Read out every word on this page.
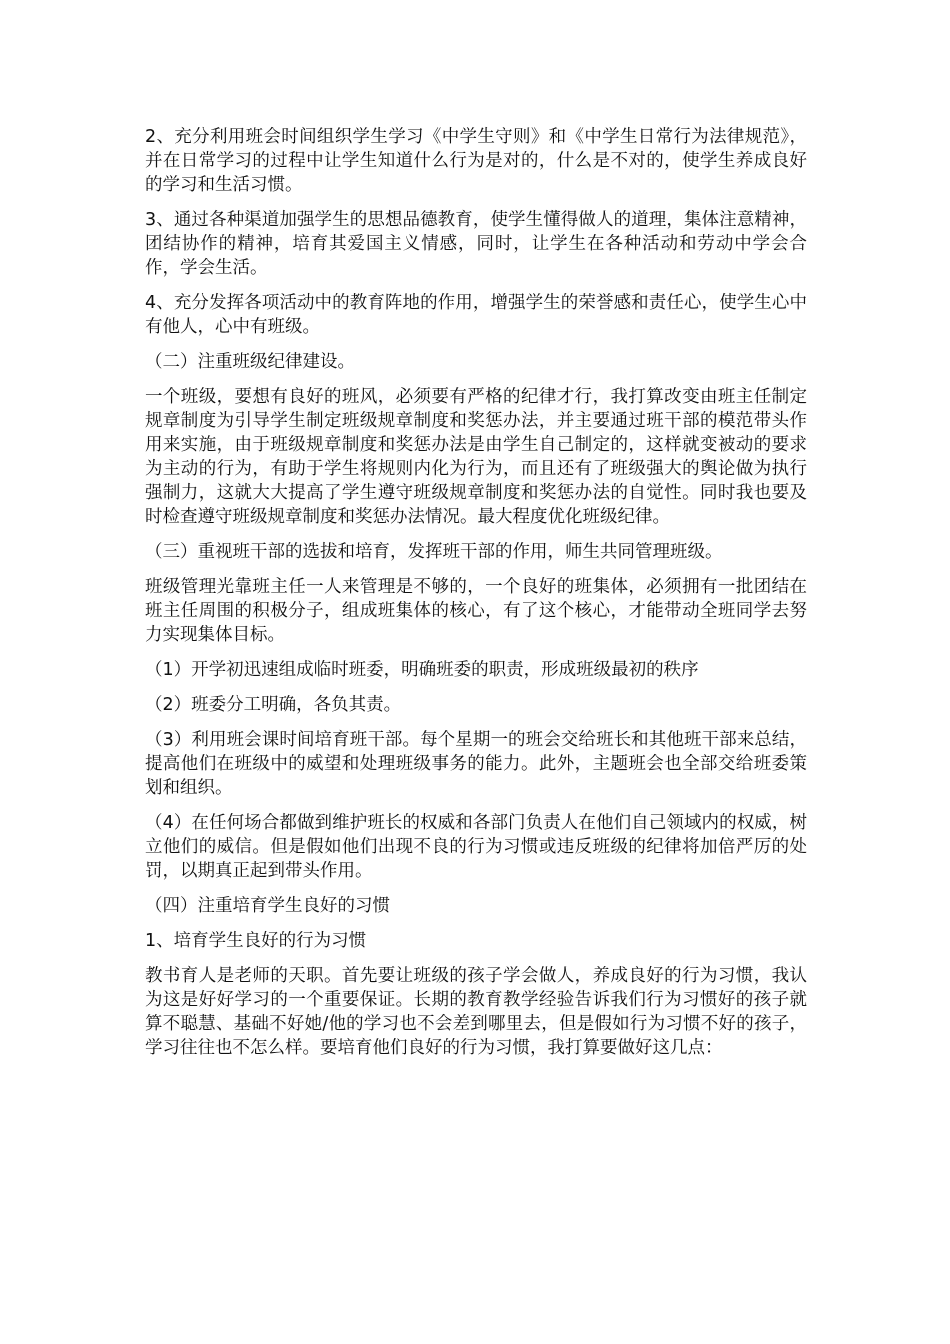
2、充分利用班会时间组织学生学习《中学生守则》和《中学生日常行为法律规范》，并在日常学习的过程中让学生知道什么行为是对的，什么是不对的，使学生养成良好的学习和生活习惯。

3、通过各种渠道加强学生的思想品德教育，使学生懂得做人的道理，集体注意精神，团结协作的精神，培育其爱国主义情感，同时，让学生在各种活动和劳动中学会合作，学会生活。

4、充分发挥各项活动中的教育阵地的作用，增强学生的荣誉感和责任心，使学生心中有他人，心中有班级。

（二）注重班级纪律建设。

一个班级，要想有良好的班风，必须要有严格的纪律才行，我打算改变由班主任制定规章制度为引导学生制定班级规章制度和奖惩办法，并主要通过班干部的模范带头作用来实施，由于班级规章制度和奖惩办法是由学生自己制定的，这样就变被动的要求为主动的行为，有助于学生将规则内化为行为，而且还有了班级强大的舆论做为执行强制力，这就大大提高了学生遵守班级规章制度和奖惩办法的自觉性。同时我也要及时检查遵守班级规章制度和奖惩办法情况。最大程度优化班级纪律。

（三）重视班干部的选拔和培育，发挥班干部的作用，师生共同管理班级。

班级管理光靠班主任一人来管理是不够的，一个良好的班集体，必须拥有一批团结在班主任周围的积极分子，组成班集体的核心，有了这个核心，才能带动全班同学去努力实现集体目标。

（1）开学初迅速组成临时班委，明确班委的职责，形成班级最初的秩序

（2）班委分工明确，各负其责。

（3）利用班会课时间培育班干部。每个星期一的班会交给班长和其他班干部来总结，提高他们在班级中的威望和处理班级事务的能力。此外，主题班会也全部交给班委策划和组织。

（4）在任何场合都做到维护班长的权威和各部门负责人在他们自己领域内的权威，树立他们的威信。但是假如他们出现不良的行为习惯或违反班级的纪律将加倍严厉的处罚，以期真正起到带头作用。

（四）注重培育学生良好的习惯

1、培育学生良好的行为习惯

教书育人是老师的天职。首先要让班级的孩子学会做人，养成良好的行为习惯，我认为这是好好学习的一个重要保证。长期的教育教学经验告诉我们行为习惯好的孩子就算不聪慧、基础不好她/他的学习也不会差到哪里去，但是假如行为习惯不好的孩子，学习往往也不怎么样。要培育他们良好的行为习惯，我打算要做好这几点：
